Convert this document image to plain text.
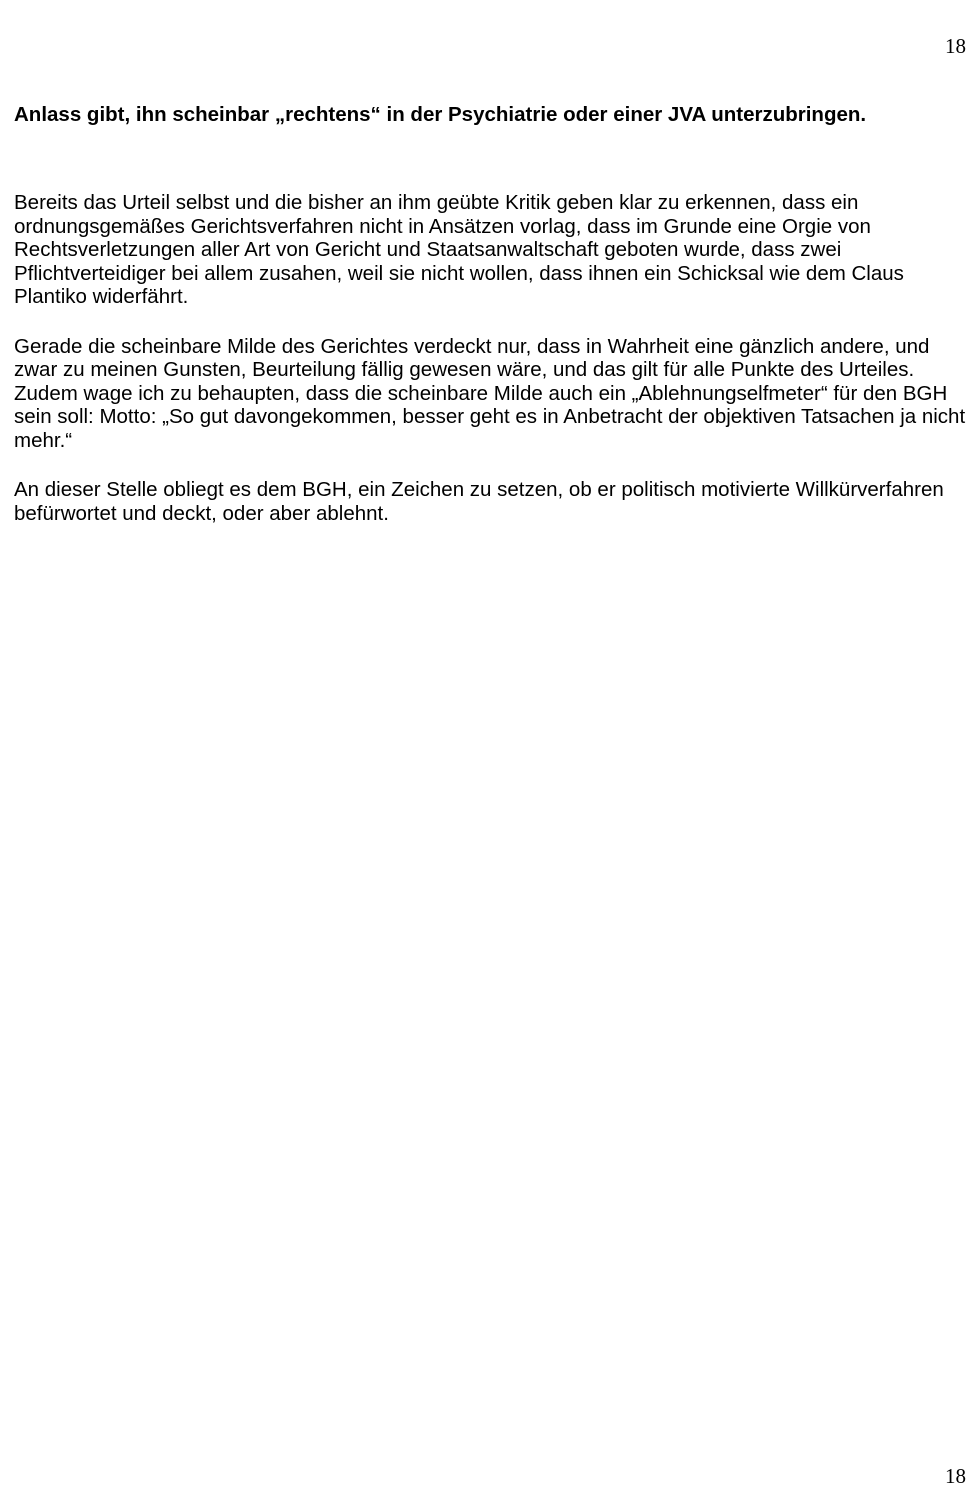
18

Anlass gibt, ihn scheinbar „rechtens“ in der Psychiatrie oder einer JVA unterzubringen.

Bereits das Urteil selbst und die bisher an ihm geübte Kritik geben klar zu erkennen, dass ein ordnungsgemäßes Gerichtsverfahren nicht in Ansätzen vorlag, dass im Grunde eine Orgie von Rechtsverletzungen aller Art von Gericht und Staatsanwaltschaft geboten wurde, dass zwei Pflichtverteidiger bei allem zusahen, weil sie nicht wollen, dass ihnen ein Schicksal wie dem Claus Plantiko widerfährt.

Gerade die scheinbare Milde des Gerichtes verdeckt nur, dass in Wahrheit eine gänzlich andere, und zwar zu meinen Gunsten, Beurteilung fällig gewesen wäre, und das gilt für alle Punkte des Urteiles. Zudem wage ich zu behaupten, dass die scheinbare Milde auch ein „Ablehnungselfmeter“ für den BGH sein soll: Motto: „So gut davongekommen, besser geht es in Anbetracht der objektiven Tatsachen ja nicht mehr.“

An dieser Stelle obliegt es dem BGH, ein Zeichen zu setzen, ob er politisch motivierte Willkürverfahren befürwortet und deckt, oder aber ablehnt.

18
